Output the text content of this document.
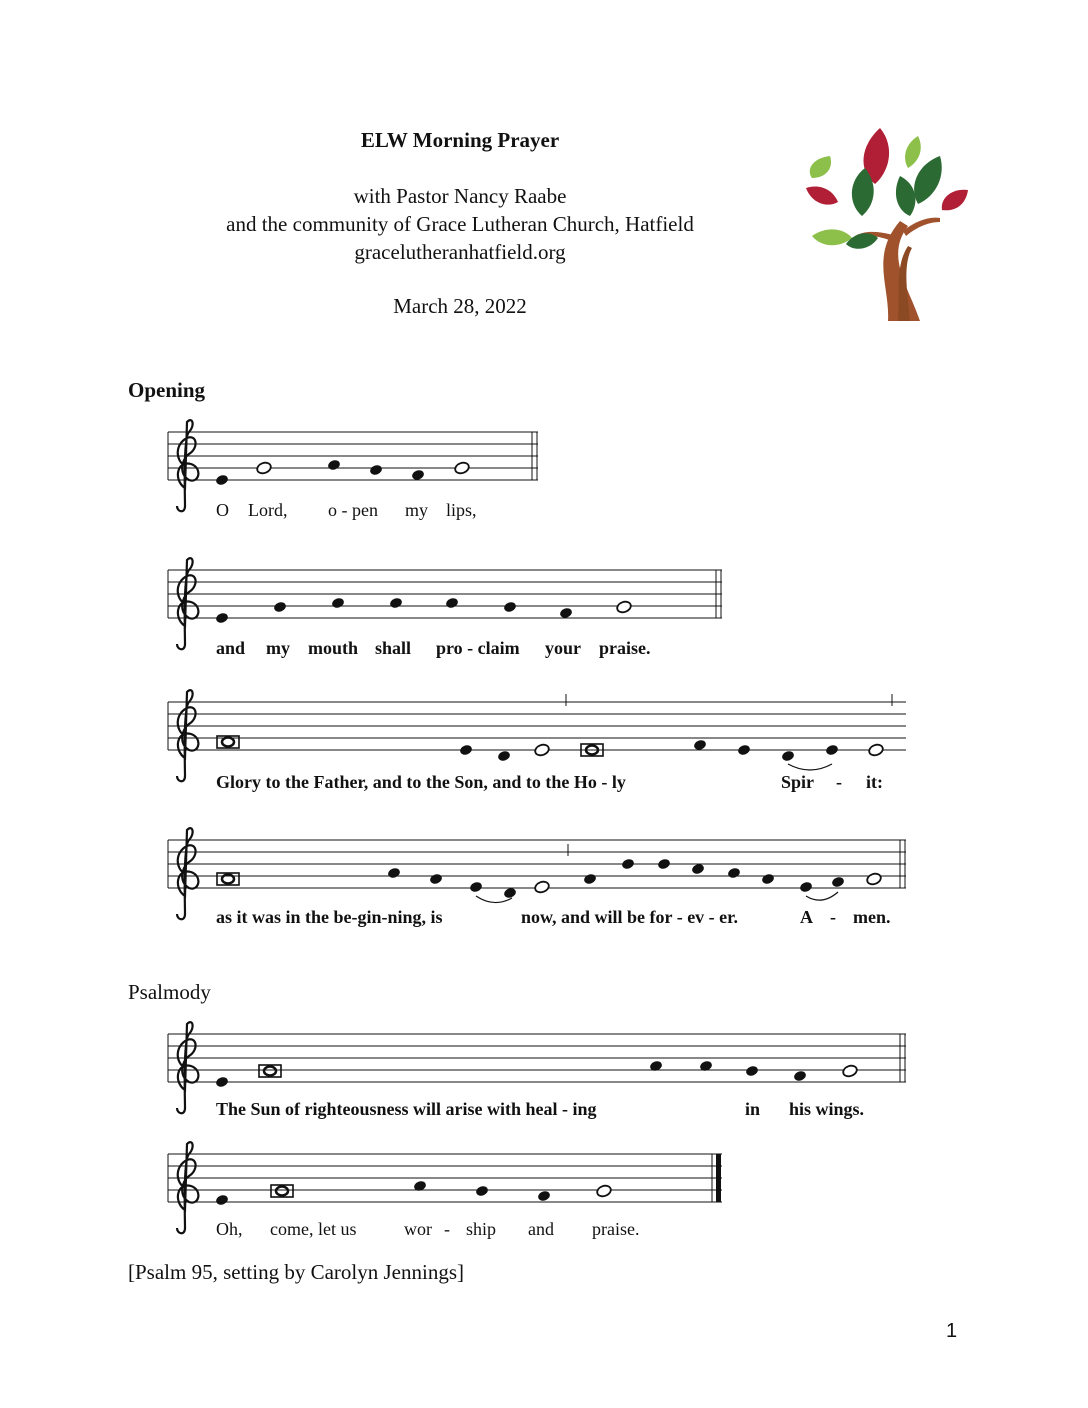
ELW Morning Prayer
with Pastor Nancy Raabe
and the community of Grace Lutheran Church, Hatfield
gracelutheranhatfield.org
March 28, 2022
Opening
Psalmody
O Lord, o - pen my lips,
and my mouth shall pro - claim your praise.
Glory to the Father, and to the Son, and to the Ho - ly	Spir - it:
as it was in the be-gin-ning, is	now, and will be for - ev - er.	A - men.
The Sun of righteousness will arise with heal - ing	in his wings.
Oh, come, let us	wor - ship and praise.
[Psalm 95, setting by Carolyn Jennings]
1
